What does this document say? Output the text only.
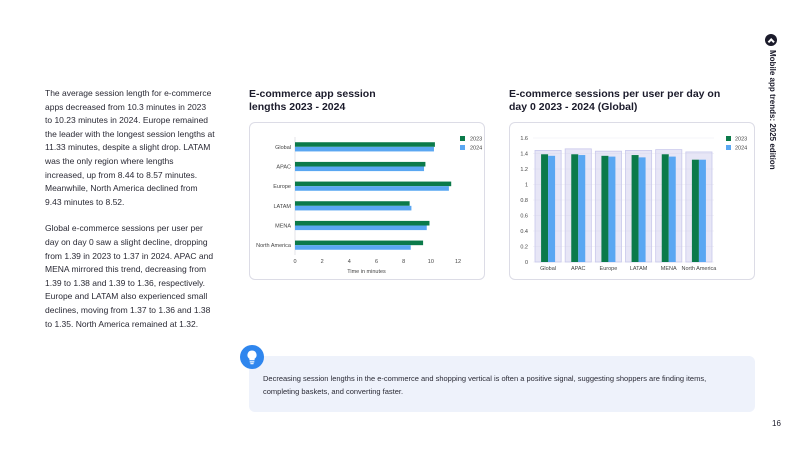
The average session length for e-commerce apps decreased from 10.3 minutes in 2023 to 10.23 minutes in 2024. Europe remained the leader with the longest session lengths at 11.33 minutes, despite a slight drop. LATAM was the only region where lengths increased, up from 8.44 to 8.57 minutes. Meanwhile, North America declined from 9.43 minutes to 8.52.

Global e-commerce sessions per user per day on day 0 saw a slight decline, dropping from 1.39 in 2023 to 1.37 in 2024. APAC and MENA mirrored this trend, decreasing from 1.39 to 1.38 and 1.39 to 1.36, respectively. Europe and LATAM also experienced small declines, moving from 1.37 to 1.36 and 1.38 to 1.35. North America remained at 1.32.

E-commerce app session
lengths 2023 - 2024
0	2	4	6	8	10	12
Time in minutes
Global
APAC
Europe
LATAM
MENA
North America
2023
2024
E-commerce sessions per user per day on
day 0 2023 - 2024 (Global)
0
0.2
0.4
0.6
0.8
1
1.2
1.4
1.6
Global	APAC	Europe LATAM MENA North America
2023
2024
Decreasing session lengths in the e-commerce and shopping vertical is often a positive signal, suggesting shoppers are finding items, completing baskets, and converting faster.
Mobile app trends: 2025 edition
16
